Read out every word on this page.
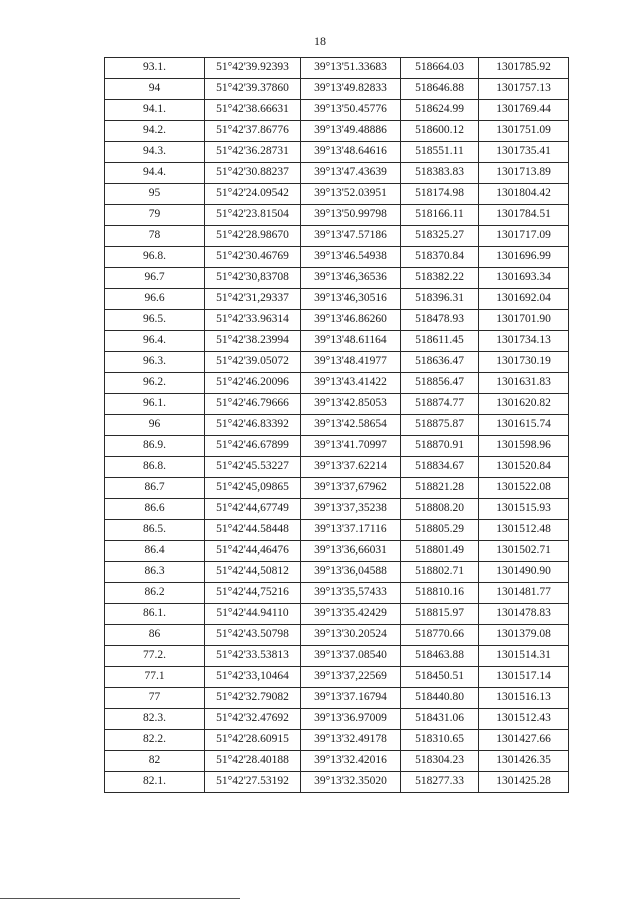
18
93.1.	51°42'39.92393	39°13'51.33683	518664.03	1301785.92
94	51°42'39.37860	39°13'49.82833	518646.88	1301757.13
94.1.	51°42'38.66631	39°13'50.45776	518624.99	1301769.44
94.2.	51°42'37.86776	39°13'49.48886	518600.12	1301751.09
94.3.	51°42'36.28731	39°13'48.64616	518551.11	1301735.41
94.4.	51°42'30.88237	39°13'47.43639	518383.83	1301713.89
95	51°42'24.09542	39°13'52.03951	518174.98	1301804.42
79	51°42'23.81504	39°13'50.99798	518166.11	1301784.51
78	51°42'28.98670	39°13'47.57186	518325.27	1301717.09
96.8.	51°42'30.46769	39°13'46.54938	518370.84	1301696.99
96.7	51°42'30,83708	39°13'46,36536	518382.22	1301693.34
96.6	51°42'31,29337	39°13'46,30516	518396.31	1301692.04
96.5.	51°42'33.96314	39°13'46.86260	518478.93	1301701.90
96.4.	51°42'38.23994	39°13'48.61164	518611.45	1301734.13
96.3.	51°42'39.05072	39°13'48.41977	518636.47	1301730.19
96.2.	51°42'46.20096	39°13'43.41422	518856.47	1301631.83
96.1.	51°42'46.79666	39°13'42.85053	518874.77	1301620.82
96	51°42'46.83392	39°13'42.58654	518875.87	1301615.74
86.9.	51°42'46.67899	39°13'41.70997	518870.91	1301598.96
86.8.	51°42'45.53227	39°13'37.62214	518834.67	1301520.84
86.7	51°42'45,09865	39°13'37,67962	518821.28	1301522.08
86.6	51°42'44,67749	39°13'37,35238	518808.20	1301515.93
86.5.	51°42'44.58448	39°13'37.17116	518805.29	1301512.48
86.4	51°42'44,46476	39°13'36,66031	518801.49	1301502.71
86.3	51°42'44,50812	39°13'36,04588	518802.71	1301490.90
86.2	51°42'44,75216	39°13'35,57433	518810.16	1301481.77
86.1.	51°42'44.94110	39°13'35.42429	518815.97	1301478.83
86	51°42'43.50798	39°13'30.20524	518770.66	1301379.08
77.2.	51°42'33.53813	39°13'37.08540	518463.88	1301514.31
77.1	51°42'33,10464	39°13'37,22569	518450.51	1301517.14
77	51°42'32.79082	39°13'37.16794	518440.80	1301516.13
82.3.	51°42'32.47692	39°13'36.97009	518431.06	1301512.43
82.2.	51°42'28.60915	39°13'32.49178	518310.65	1301427.66
82	51°42'28.40188	39°13'32.42016	518304.23	1301426.35
82.1.	51°42'27.53192	39°13'32.35020	518277.33	1301425.28
